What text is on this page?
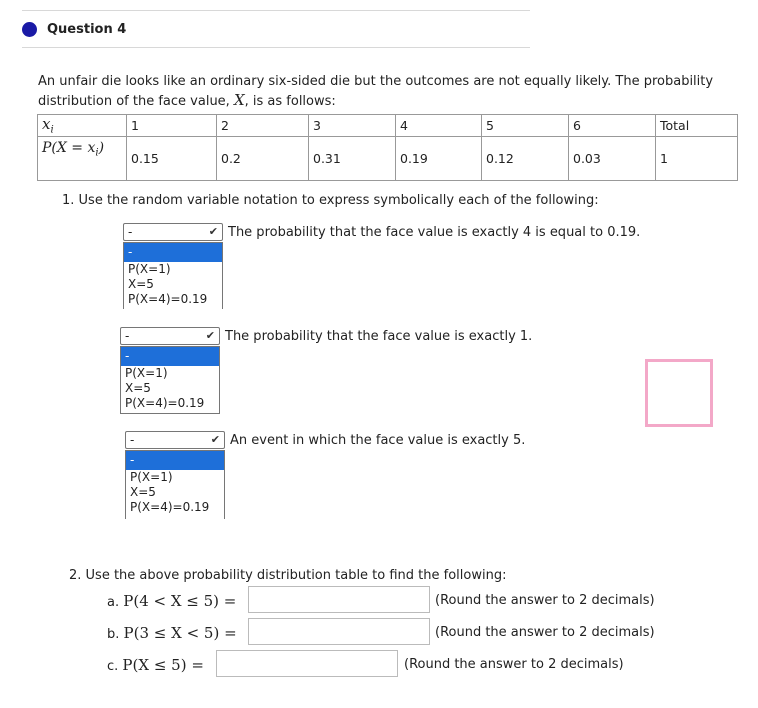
Question 4
An unfair die looks like an ordinary six-sided die but the outcomes are not equally likely. The probability distribution of the face value, X, is as follows:
$x_i$	1	2	3	4	5	6	Total
$P(X = x_i)$	0.15	0.2	0.31	0.19	0.12	0.03	1
1. Use the random variable notation to express symbolically each of the following:
-	✔ The probability that the face value is exactly 4 is equal to 0.19.
-
P(X=1)
X=5
P(X=4)=0.19
-	✔ The probability that the face value is exactly 1.
-
P(X=1)
X=5
P(X=4)=0.19
-	✔ An event in which the face value is exactly 5.
-
P(X=1)
X=5
P(X=4)=0.19
2. Use the above probability distribution table to find the following:
a. P(4 < X ≤ 5) =	(Round the answer to 2 decimals)
b. P(3 ≤ X < 5) =	(Round the answer to 2 decimals)
c. P(X ≤ 5) =	(Round the answer to 2 decimals)
